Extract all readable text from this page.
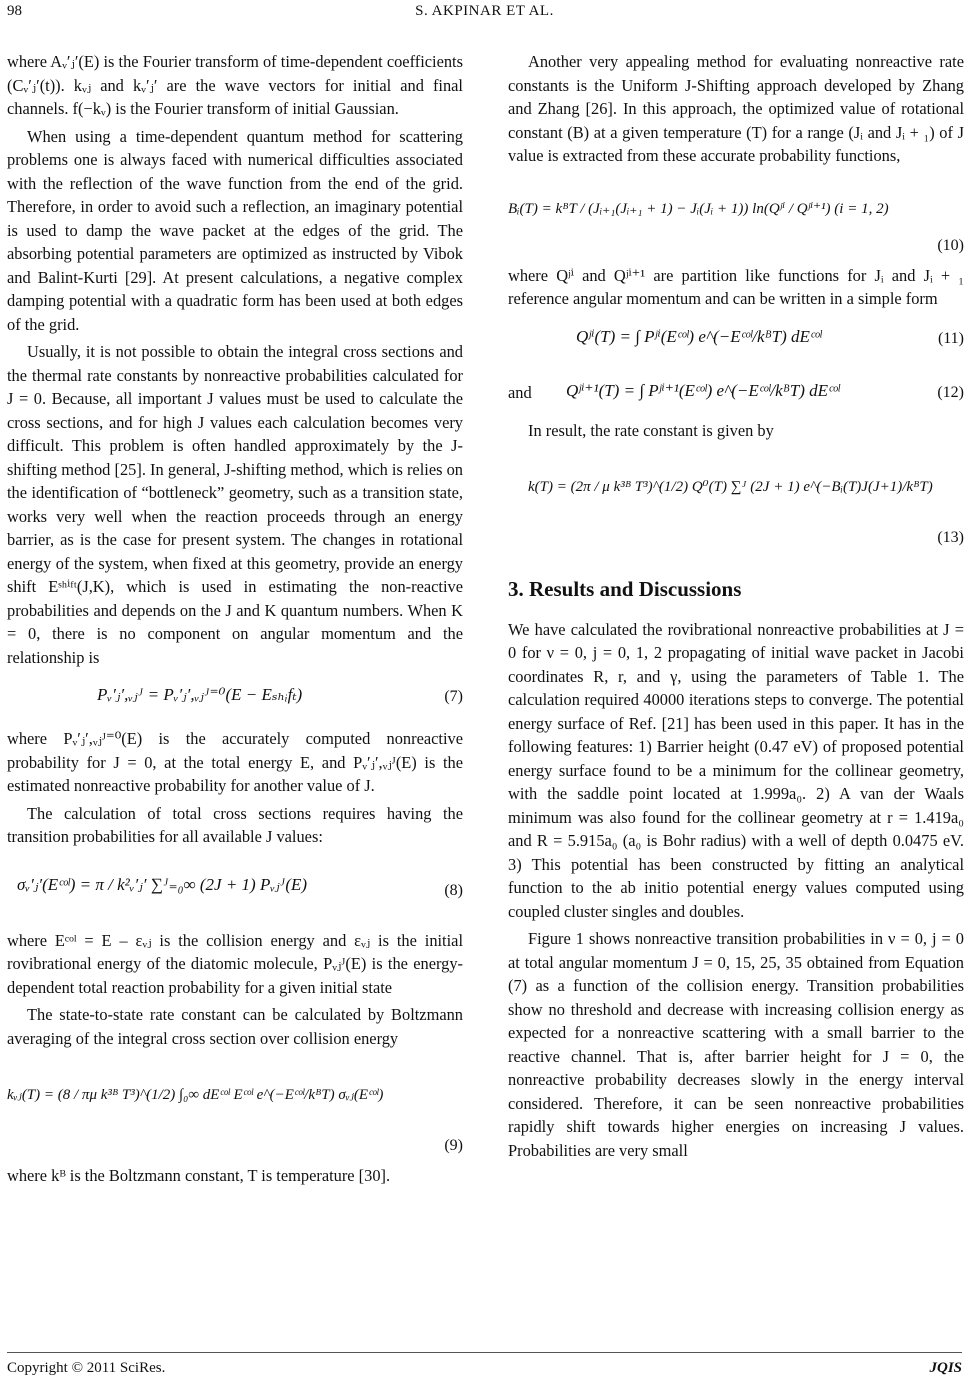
98	S. AKPINAR ET AL.

where Aᵥ′ⱼ′(E) is the Fourier transform of time-dependent coefficients (Cᵥ′ⱼ′(t)). kᵥⱼ and kᵥ′ⱼ′ are the wave vectors for initial and final channels. f(−kᵥ) is the Fourier transform of initial Gaussian.

When using a time-dependent quantum method for scattering problems one is always faced with numerical difficulties associated with the reflection of the wave function from the end of the grid. Therefore, in order to avoid such a reflection, an imaginary potential is used to damp the wave packet at the edges of the grid. The absorbing potential parameters are optimized as instructed by Vibok and Balint-Kurti [29]. At present calculations, a negative complex damping potential with a quadratic form has been used at both edges of the grid.

Usually, it is not possible to obtain the integral cross sections and the thermal rate constants by nonreactive probabilities calculated for J = 0. Because, all important J values must be used to calculate the cross sections, and for high J values each calculation becomes very difficult. This problem is often handled approximately by the J-shifting method [25]. In general, J-shifting method, which is relies on the identification of “bottleneck” geometry, such as a transition state, works very well when the reaction proceeds through an energy barrier, as is the case for present system. The changes in rotational energy of the system, when fixed at this geometry, provide an energy shift Eˢʰⁱᶠᵗ(J,K), which is used in estimating the non-reactive probabilities and depends on the J and K quantum numbers. When K = 0, there is no component on angular momentum and the relationship is

Pᵥ′ⱼ′,ᵥⱼᴶ = Pᵥ′ⱼ′,ᵥⱼᴶ⁼⁰(E − Eₛₕᵢfₜ)	(7)

where Pᵥ′ⱼ′,ᵥⱼᴶ⁼⁰(E) is the accurately computed nonreactive probability for J = 0, at the total energy E, and Pᵥ′ⱼ′,ᵥⱼᴶ(E) is the estimated nonreactive probability for another value of J.

The calculation of total cross sections requires having the transition probabilities for all available J values:

σᵥ′ⱼ′(Eᶜᵒˡ) = π / k²ᵥ′ⱼ′ ∑ᴶ₌₀∞ (2J + 1) Pᵥⱼᴶ(E)	(8)

where Eᶜᵒˡ = E – εᵥⱼ is the collision energy and εᵥⱼ is the initial rovibrational energy of the diatomic molecule, Pᵥⱼᴶ(E) is the energy-dependent total reaction probability for a given initial state

The state-to-state rate constant can be calculated by Boltzmann averaging of the integral cross section over collision energy

kᵥⱼ(T) = (8 / πμ k³ᴮ T³)^(1/2) ∫₀∞ dEᶜᵒˡ Eᶜᵒˡ e^(−Eᶜᵒˡ/kᴮT) σᵥⱼ(Eᶜᵒˡ)
(9)

where kᴮ is the Boltzmann constant, T is temperature [30].

Another very appealing method for evaluating nonreactive rate constants is the Uniform J-Shifting approach developed by Zhang and Zhang [26]. In this approach, the optimized value of rotational constant (B) at a given temperature (T) for a range (Jᵢ and Jᵢ + ₁) of J value is extracted from these accurate probability functions,

Bᵢ(T) = kᴮT / (Jᵢ₊₁(Jᵢ₊₁ + 1) − Jᵢ(Jᵢ + 1)) ln(Qʲⁱ / Qʲⁱ⁺¹) (i = 1, 2)
(10)

where Qʲⁱ and Qʲⁱ⁺¹ are partition like functions for Jᵢ and Jᵢ + ₁ reference angular momentum and can be written in a simple form

Qʲⁱ(T) = ∫ Pʲⁱ(Eᶜᵒˡ) e^(−Eᶜᵒˡ/kᴮT) dEᶜᵒˡ	(11)
and Qʲⁱ⁺¹(T) = ∫ Pʲⁱ⁺¹(Eᶜᵒˡ) e^(−Eᶜᵒˡ/kᴮT) dEᶜᵒˡ	(12)

In result, the rate constant is given by

k(T) = (2π / μ k³ᴮ T³)^(1/2) Q⁰(T) ∑ᴶ (2J + 1) e^(−Bᵢ(T)J(J+1)/kᴮT)
(13)
3. Results and Discussions

We have calculated the rovibrational nonreactive probabilities at J = 0 for ν = 0, j = 0, 1, 2 propagating of initial wave packet in Jacobi coordinates R, r, and γ, using the parameters of Table 1. The calculation required 40000 iterations steps to converge. The potential energy surface of Ref. [21] has been used in this paper. It has in the following features: 1) Barrier height (0.47 eV) of proposed potential energy surface found to be a minimum for the collinear geometry, with the saddle point located at 1.999a₀. 2) A van der Waals minimum was also found for the collinear geometry at r = 1.419a₀ and R = 5.915a₀ (a₀ is Bohr radius) with a well of depth 0.0475 eV. 3) This potential has been constructed by fitting an analytical function to the ab initio potential energy values computed using coupled cluster singles and doubles.

Figure 1 shows nonreactive transition probabilities in ν = 0, j = 0 at total angular momentum J = 0, 15, 25, 35 obtained from Equation (7) as a function of the collision energy. Transition probabilities show no threshold and decrease with increasing collision energy as expected for a nonreactive scattering with a small barrier to the reactive channel. That is, after barrier height for J = 0, the nonreactive probability decreases slowly in the energy interval considered. Therefore, it can be seen nonreactive probabilities rapidly shift towards higher energies on increasing J values. Probabilities are very small

Copyright © 2011 SciRes.	JQIS
